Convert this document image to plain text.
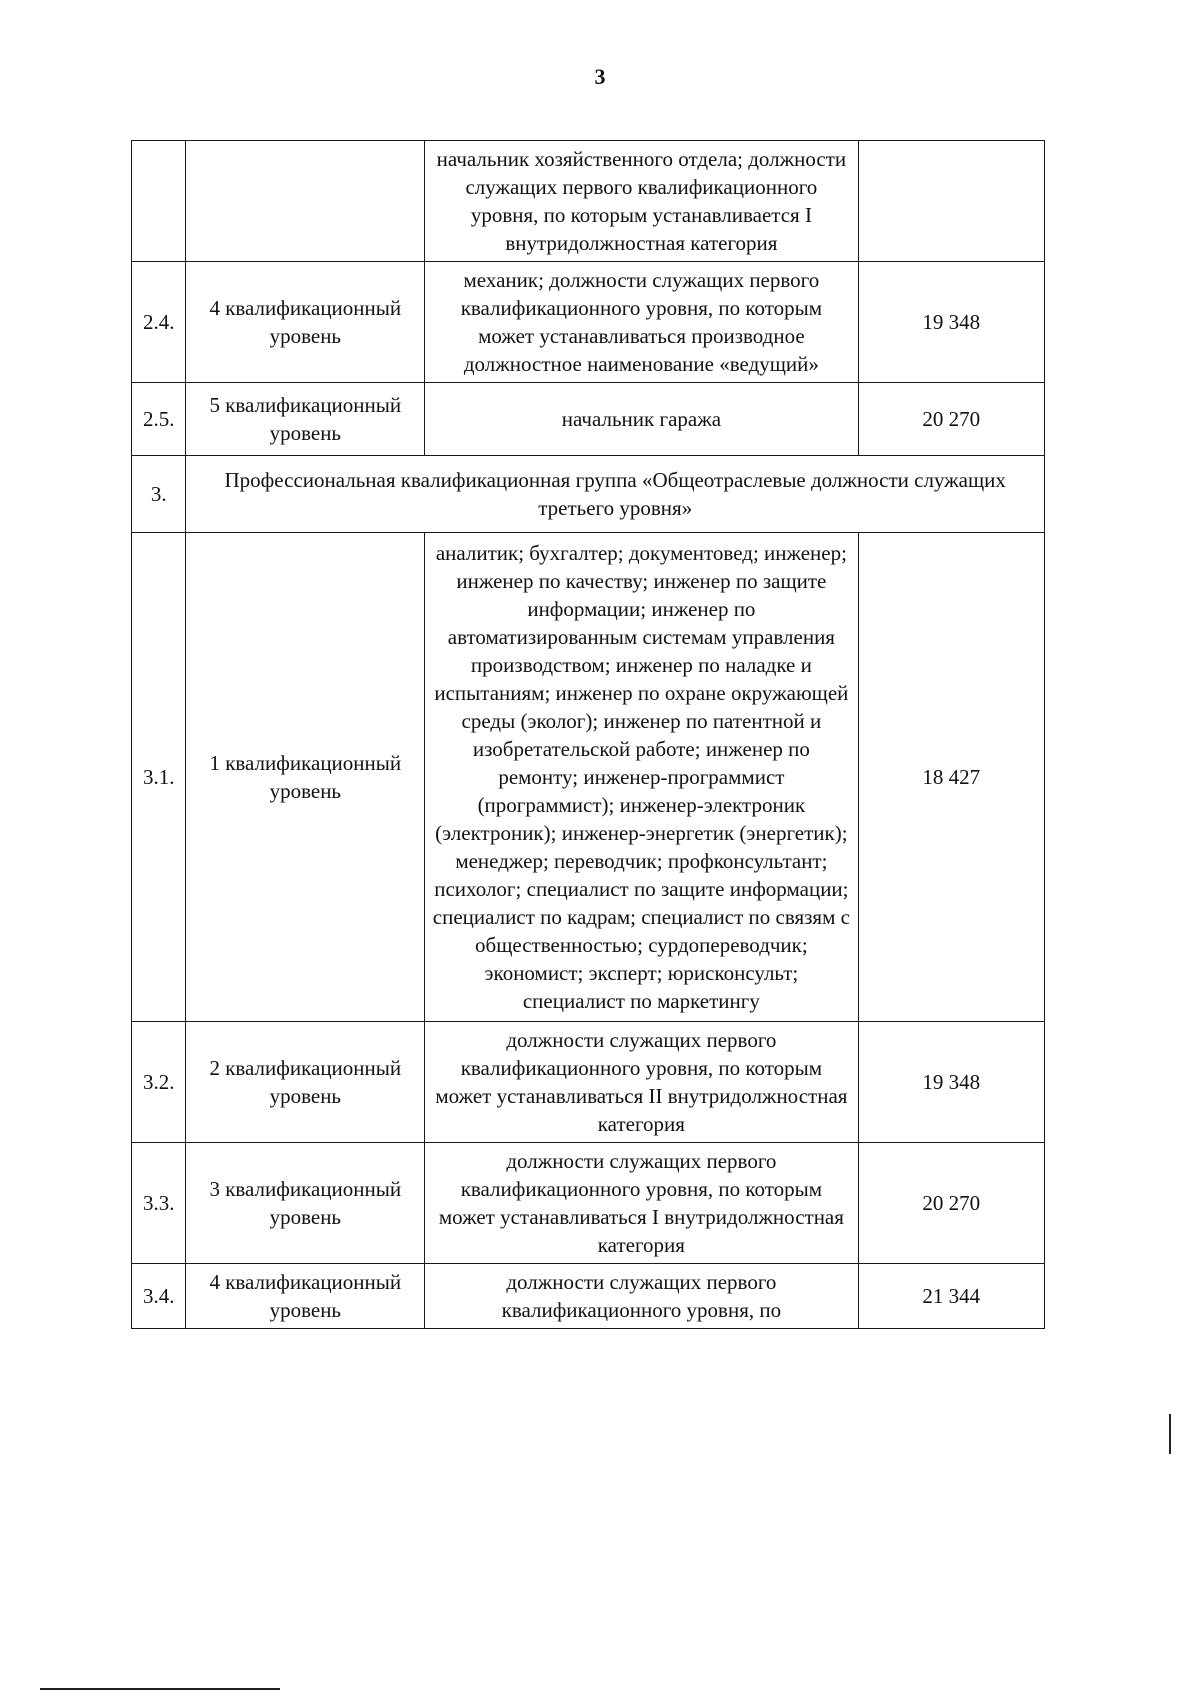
3
		начальник хозяйственного отдела; должности служащих первого квалификационного уровня, по которым устанавливается I внутридолжностная категория	
2.4.	4 квалификационный уровень	механик; должности служащих первого квалификационного уровня, по которым может устанавливаться производное должностное наименование «ведущий»	19 348
2.5.	5 квалификационный уровень	начальник гаража	20 270
3.	Профессиональная квалификационная группа «Общеотраслевые должности служащих третьего уровня»		
3.1.	1 квалификационный уровень	аналитик; бухгалтер; документовед; инженер; инженер по качеству; инженер по защите информации; инженер по автоматизированным системам управления производством; инженер по наладке и испытаниям; инженер по охране окружающей среды (эколог); инженер по патентной и изобретательской работе; инженер по ремонту; инженер-программист (программист); инженер-электроник (электроник); инженер-энергетик (энергетик); менеджер; переводчик; профконсультант; психолог; специалист по защите информации; специалист по кадрам; специалист по связям с общественностью; сурдопереводчик; экономист; эксперт; юрисконсульт; специалист по маркетингу	18 427
3.2.	2 квалификационный уровень	должности служащих первого квалификационного уровня, по которым может устанавливаться II внутридолжностная категория	19 348
3.3.	3 квалификационный уровень	должности служащих первого квалификационного уровня, по которым может устанавливаться I внутридолжностная категория	20 270
3.4.	4 квалификационный уровень	должности служащих первого квалификационного уровня, по	21 344
